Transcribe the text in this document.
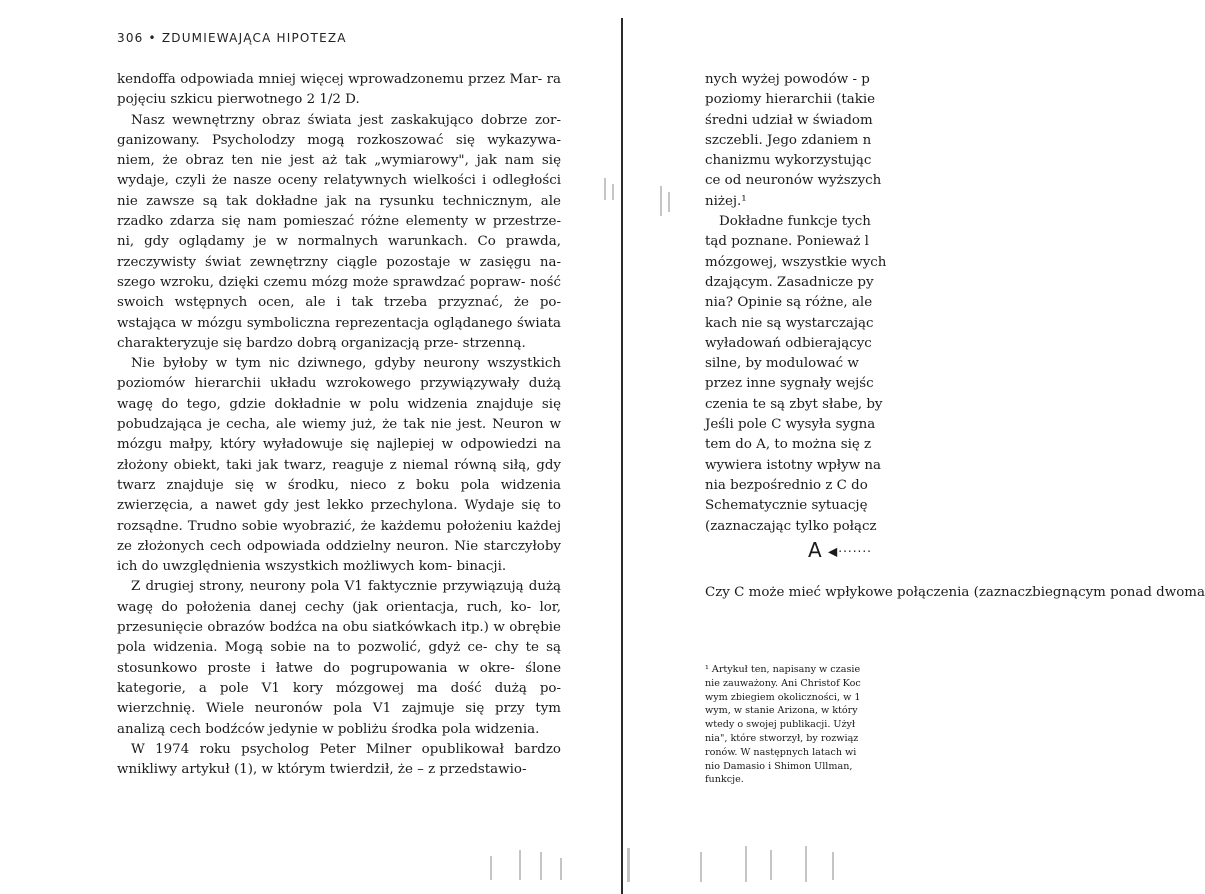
306 • ZDUMIEWAJĄCA HIPOTEZA

kendoffa odpowiada mniej więcej wprowadzonemu przez Mar- ra pojęciu szkicu pierwotnego 2 1/2 D.

Nasz wewnętrzny obraz świata jest zaskakująco dobrze zor- ganizowany. Psycholodzy mogą rozkoszować się wykazywa- niem, że obraz ten nie jest aż tak „wymiarowy", jak nam się wydaje, czyli że nasze oceny relatywnych wielkości i odległości nie zawsze są tak dokładne jak na rysunku technicznym, ale rzadko zdarza się nam pomieszać różne elementy w przestrze- ni, gdy oglądamy je w normalnych warunkach. Co prawda, rzeczywisty świat zewnętrzny ciągle pozostaje w zasięgu na- szego wzroku, dzięki czemu mózg może sprawdzać popraw- ność swoich wstępnych ocen, ale i tak trzeba przyznać, że po- wstająca w mózgu symboliczna reprezentacja oglądanego świata charakteryzuje się bardzo dobrą organizacją prze- strzenną.

Nie byłoby w tym nic dziwnego, gdyby neurony wszystkich poziomów hierarchii układu wzrokowego przywiązywały dużą wagę do tego, gdzie dokładnie w polu widzenia znajduje się pobudzająca je cecha, ale wiemy już, że tak nie jest. Neuron w mózgu małpy, który wyładowuje się najlepiej w odpowiedzi na złożony obiekt, taki jak twarz, reaguje z niemal równą siłą, gdy twarz znajduje się w środku, nieco z boku pola widzenia zwierzęcia, a nawet gdy jest lekko przechylona. Wydaje się to rozsądne. Trudno sobie wyobrazić, że każdemu położeniu każdej ze złożonych cech odpowiada oddzielny neuron. Nie starczyłoby ich do uwzględnienia wszystkich możliwych kom- binacji.

Z drugiej strony, neurony pola V1 faktycznie przywiązują dużą wagę do położenia danej cechy (jak orientacja, ruch, ko- lor, przesunięcie obrazów bodźca na obu siatkówkach itp.) w obrębie pola widzenia. Mogą sobie na to pozwolić, gdyż ce- chy te są stosunkowo proste i łatwe do pogrupowania w okre- ślone kategorie, a pole V1 kory mózgowej ma dość dużą po- wierzchnię. Wiele neuronów pola V1 zajmuje się przy tym analizą cech bodźców jedynie w pobliżu środka pola widzenia.

W 1974 roku psycholog Peter Milner opublikował bardzo wnikliwy artykuł (1), w którym twierdził, że – z przedstawio-

nych wyżej powodów - p
poziomy hierarchii (takie
średni udział w świadom
szczebli. Jego zdaniem n
chanizmu wykorzystując
ce od neuronów wyższych
niżej.¹
Dokładne funkcje tych
tąd poznane. Ponieważ l
mózgowej, wszystkie wych
dzającym. Zasadnicze py
nia? Opinie są różne, ale
kach nie są wystarczając
wyładowań odbierającyc
silne, by modulować w
przez inne sygnały wejśc
czenia te są zbyt słabe, by
Jeśli pole C wysyła sygna
tem do A, to można się z
wywiera istotny wpływ na
nia bezpośrednio z C do
Schematycznie sytuację
(zaznaczając tylko połącz
A ◀·······
Czy C może mieć wpłykowe połączenia (zaznaczbiegnącym ponad dwoma
¹ Artykuł ten, napisany w czasie
nie zauważony. Ani Christof Koc
wym zbiegiem okoliczności, w 1
wym, w stanie Arizona, w który
wtedy o swojej publikacji. Użył
nia", które stworzył, by rozwiąz
ronów. W następnych latach wi
nio Damasio i Shimon Ullman,
funkcje.
